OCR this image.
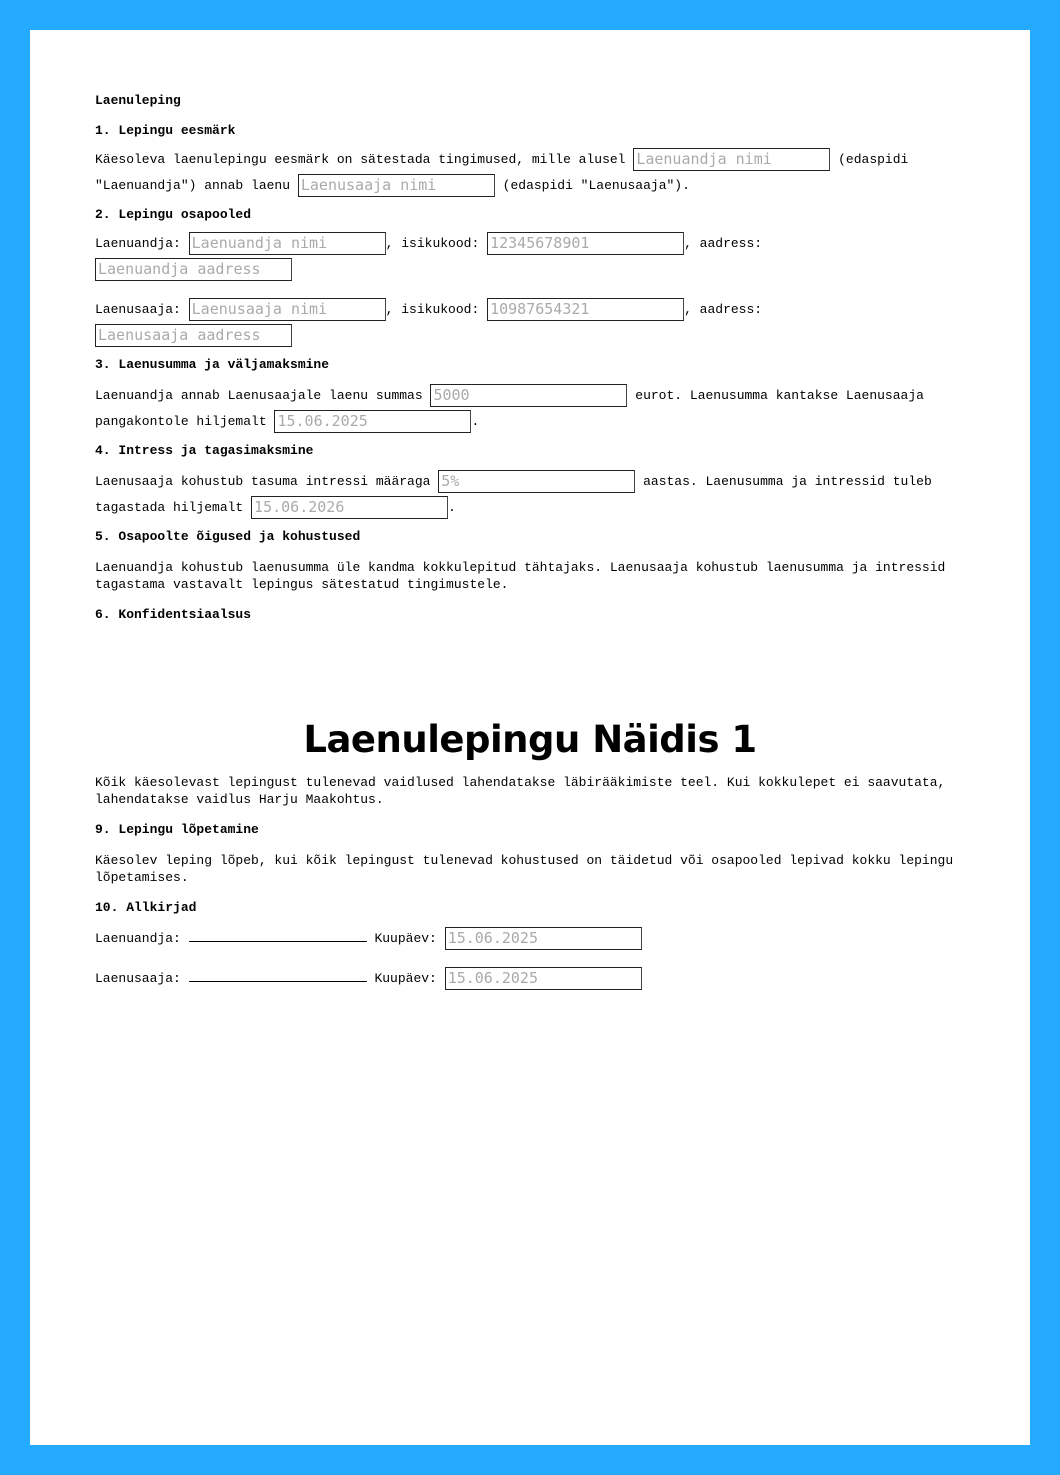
Laenuleping
1. Lepingu eesmärk
Käesoleva laenulepingu eesmärk on sätestada tingimused, mille alusel Laenuandja nimi	(edaspidi
"Laenuandja") annab laenu Laenusaaja nimi	(edaspidi "Laenusaaja").
2. Lepingu osapooled
Laenuandja: Laenuandja nimi	, isikukood: 12345678901	, aadress:
Laenuandja aadress
Laenusaaja: Laenusaaja nimi	, isikukood: 10987654321	, aadress:
Laenusaaja aadress
3. Laenusumma ja väljamaksmine
Laenuandja annab Laenusaajale laenu summas 5000	eurot. Laenusumma kantakse Laenusaaja
pangakontole hiljemalt 15.06.2025	.
4. Intress ja tagasimaksmine
Laenusaaja kohustub tasuma intressi määraga 5%	aastas. Laenusumma ja intressid tuleb
tagastada hiljemalt 15.06.2026	.
5. Osapoolte õigused ja kohustused
Laenuandja kohustub laenusumma üle kandma kokkulepitud tähtajaks. Laenusaaja kohustub laenusumma ja intressid tagastama vastavalt lepingus sätestatud tingimustele.
6. Konfidentsiaalsus
Kõik käesolevast lepingust tulenevad vaidlused lahendatakse läbirääkimiste teel. Kui kokkulepet ei saavutata, lahendatakse vaidlus Harju Maakohtus.
9. Lepingu lõpetamine
Käesolev leping lõpeb, kui kõik lepingust tulenevad kohustused on täidetud või osapooled lepivad kokku lepingu lõpetamises.
10. Allkirjad
Laenuandja:	Kuupäev: 15.06.2025
Laenusaaja:	Kuupäev: 15.06.2025
Laenulepingu Näidis 1
